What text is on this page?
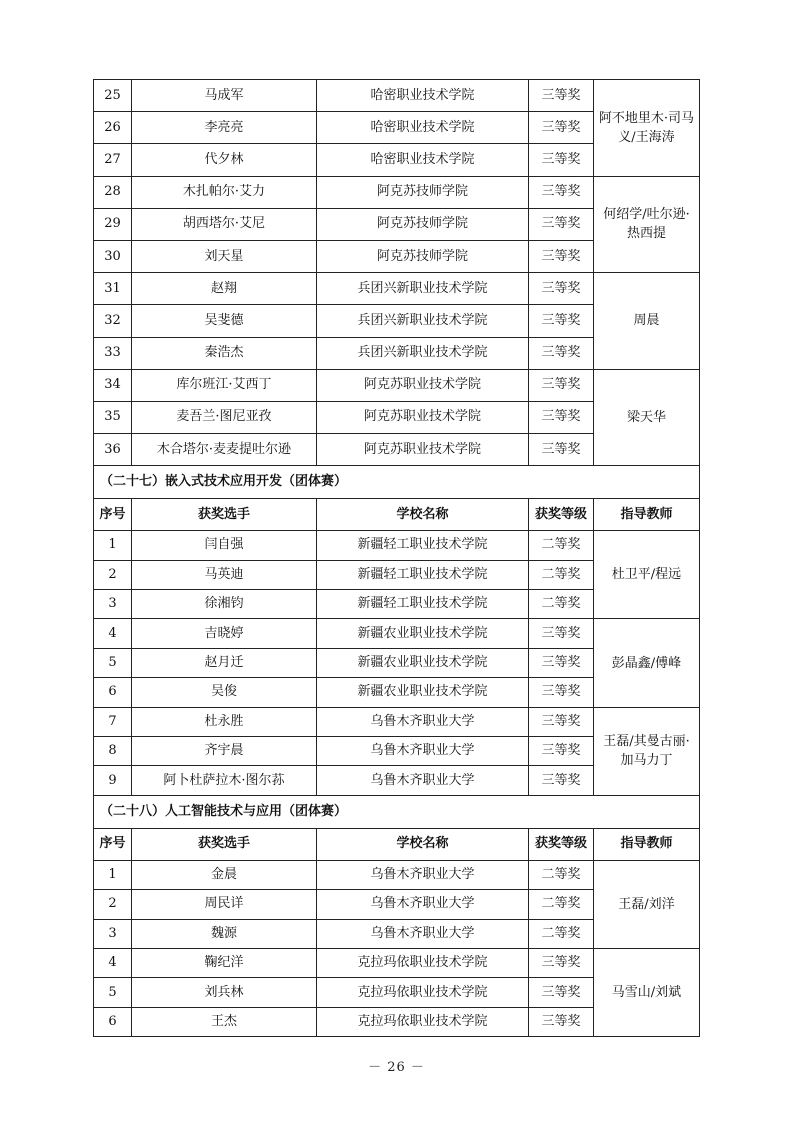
25	马成军	哈密职业技术学院	三等奖	阿不地里木·司马义/王海涛
26	李亮亮	哈密职业技术学院	三等奖	
27	代夕林	哈密职业技术学院	三等奖	
28	木扎帕尔·艾力	阿克苏技师学院	三等奖	何绍学/吐尔逊·热西提
29	胡西塔尔·艾尼	阿克苏技师学院	三等奖	
30	刘天星	阿克苏技师学院	三等奖	
31	赵翔	兵团兴新职业技术学院	三等奖	周晨
32	吴斐德	兵团兴新职业技术学院	三等奖	
33	秦浩杰	兵团兴新职业技术学院	三等奖	
34	库尔班江·艾西丁	阿克苏职业技术学院	三等奖	梁天华
35	麦吾兰·图尼亚孜	阿克苏职业技术学院	三等奖	
36	木合塔尔·麦麦提吐尔逊	阿克苏职业技术学院	三等奖	
（二十七）嵌入式技术应用开发（团体赛）				
序号	获奖选手	学校名称	获奖等级	指导教师
1	闫自强	新疆轻工职业技术学院	二等奖	杜卫平/程远
2	马英迪	新疆轻工职业技术学院	二等奖	
3	徐湘钧	新疆轻工职业技术学院	二等奖	
4	吉晓婷	新疆农业职业技术学院	三等奖	彭晶鑫/傅峰
5	赵月迁	新疆农业职业技术学院	三等奖	
6	吴俊	新疆农业职业技术学院	三等奖	
7	杜永胜	乌鲁木齐职业大学	三等奖	王磊/其曼古丽·加马力丁
8	齐宇晨	乌鲁木齐职业大学	三等奖	
9	阿卜杜萨拉木·图尔荪	乌鲁木齐职业大学	三等奖	
（二十八）人工智能技术与应用（团体赛）				
序号	获奖选手	学校名称	获奖等级	指导教师
1	金晨	乌鲁木齐职业大学	二等奖	王磊/刘洋
2	周民详	乌鲁木齐职业大学	二等奖	
3	魏源	乌鲁木齐职业大学	二等奖	
4	鞠纪洋	克拉玛依职业技术学院	三等奖	马雪山/刘斌
5	刘兵林	克拉玛依职业技术学院	三等奖	
6	王杰	克拉玛依职业技术学院	三等奖	
－ 26 －
